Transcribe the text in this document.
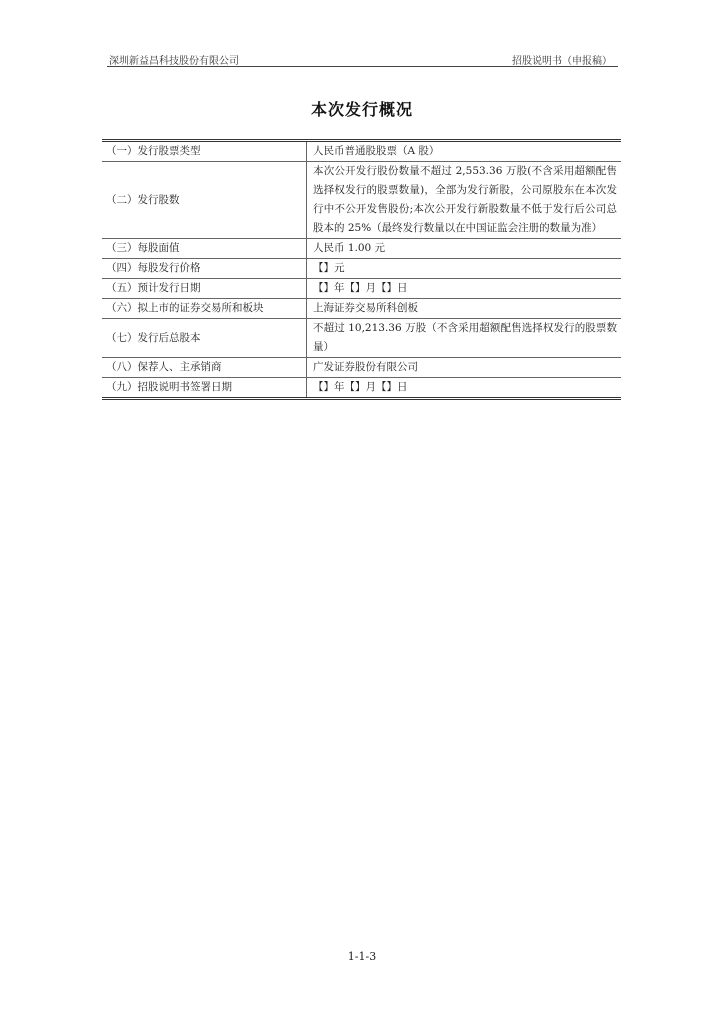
深圳新益昌科技股份有限公司	招股说明书（申报稿）
本次发行概况
（一）发行股票类型	人民币普通股股票（A 股）
（二）发行股数	本次公开发行股份数量不超过 2,553.36 万股(不含采用超额配售选择权发行的股票数量)，全部为发行新股，公司原股东在本次发行中不公开发售股份;本次公开发行新股数量不低于发行后公司总股本的 25%（最终发行数量以在中国证监会注册的数量为准）
（三）每股面值	人民币 1.00 元
（四）每股发行价格	【】元
（五）预计发行日期	【】年【】月【】日
（六）拟上市的证券交易所和板块	上海证券交易所科创板
（七）发行后总股本	不超过 10,213.36 万股（不含采用超额配售选择权发行的股票数量）
（八）保荐人、主承销商	广发证券股份有限公司
（九）招股说明书签署日期	【】年【】月【】日
1-1-3
